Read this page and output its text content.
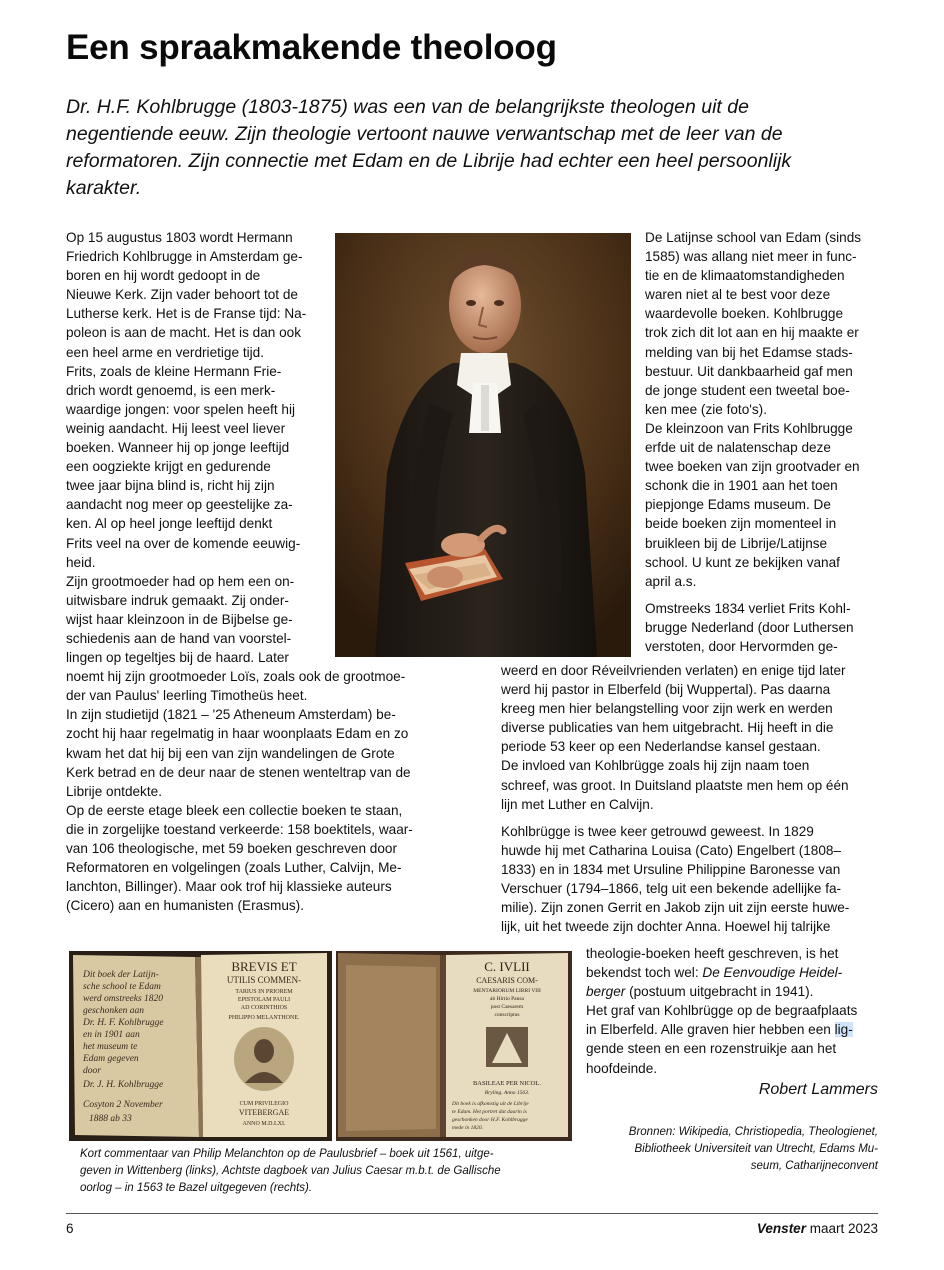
Een spraakmakende theoloog
Dr. H.F. Kohlbrugge (1803-1875) was een van de belangrijkste theologen uit de
negentiende eeuw. Zijn theologie vertoont nauwe verwantschap met de leer van de
reformatoren. Zijn connectie met Edam en de Librije had echter een heel persoonlijk
karakter.
Op 15 augustus 1803 wordt Hermann
Friedrich Kohlbrugge in Amsterdam ge-
boren en hij wordt gedoopt in de
Nieuwe Kerk. Zijn vader behoort tot de
Lutherse kerk. Het is de Franse tijd: Na-
poleon is aan de macht. Het is dan ook
een heel arme en verdrietige tijd.
Frits, zoals de kleine Hermann Frie-
drich wordt genoemd, is een merk-
waardige jongen: voor spelen heeft hij
weinig aandacht. Hij leest veel liever
boeken. Wanneer hij op jonge leeftijd
een oogziekte krijgt en gedurende
twee jaar bijna blind is, richt hij zijn
aandacht nog meer op geestelijke za-
ken. Al op heel jonge leeftijd denkt
Frits veel na over de komende eeuwig-
heid.
Zijn grootmoeder had op hem een on-
uitwisbare indruk gemaakt. Zij onder-
wijst haar kleinzoon in de Bijbelse ge-
schiedenis aan de hand van voorstel-
lingen op tegeltjes bij de haard. Later
noemt hij zijn grootmoeder Loïs, zoals ook de grootmoe-
der van Paulus' leerling Timotheüs heet.
In zijn studietijd (1821 – '25 Atheneum Amsterdam) be-
zocht hij haar regelmatig in haar woonplaats Edam en zo
kwam het dat hij bij een van zijn wandelingen de Grote
Kerk betrad en de deur naar de stenen wenteltrap van de
Librije ontdekte.
Op de eerste etage bleek een collectie boeken te staan,
die in zorgelijke toestand verkeerde: 158 boektitels, waar-
van 106 theologische, met 59 boeken geschreven door
Reformatoren en volgelingen (zoals Luther, Calvijn, Me-
lanchton, Billinger). Maar ook trof hij klassieke auteurs
(Cicero) aan en humanisten (Erasmus).
De Latijnse school van Edam (sinds
1585) was allang niet meer in func-
tie en de klimaatomstandigheden
waren niet al te best voor deze
waardevolle boeken. Kohlbrugge
trok zich dit lot aan en hij maakte er
melding van bij het Edamse stads-
bestuur. Uit dankbaarheid gaf men
de jonge student een tweetal boe-
ken mee (zie foto's).
De kleinzoon van Frits Kohlbrugge
erfde uit de nalatenschap deze
twee boeken van zijn grootvader en
schonk die in 1901 aan het toen
piepjonge Edams museum. De
beide boeken zijn momenteel in
bruikleen bij de Librije/Latijnse
school. U kunt ze bekijken vanaf
april a.s.
Omstreeks 1834 verliet Frits Kohl-
brugge Nederland (door Luthersen
verstoten, door Hervormden ge-
weerd en door Réveilvrienden verlaten) en enige tijd later
werd hij pastor in Elberfeld (bij Wuppertal). Pas daarna
kreeg men hier belangstelling voor zijn werk en werden
diverse publicaties van hem uitgebracht. Hij heeft in die
periode 53 keer op een Nederlandse kansel gestaan.
De invloed van Kohlbrügge zoals hij zijn naam toen
schreef, was groot. In Duitsland plaatste men hem op één
lijn met Luther en Calvijn.
Kohlbrügge is twee keer getrouwd geweest. In 1829
huwde hij met Catharina Louisa (Cato) Engelbert (1808–
1833) en in 1834 met Ursuline Philippine Baronesse van
Verschuer (1794–1866, telg uit een bekende adellijke fa-
milie). Zijn zonen Gerrit en Jakob zijn uit zijn eerste huwe-
lijk, uit het tweede zijn dochter Anna. Hoewel hij talrijke
theologie-boeken heeft geschreven, is het
bekendst toch wel: De Eenvoudige Heidel-
berger (postuum uitgebracht in 1941).
Het graf van Kohlbrügge op de begraafplaats
in Elberfeld. Alle graven hier hebben een lig-
gende steen en een rozenstruikje aan het
hoofdeinde.
Robert Lammers
Bronnen: Wikipedia, Christiopedia, Theologienet,
Bibliotheek Universiteit van Utrecht, Edams Mu-
seum, Catharijneconvent
Dit boek der Latijn-
sche school te Edam
werd omstreeks 1820
geschonken aan
Dr. H. F. Kohlbrugge
en in 1901 aan
het museum te
Edam gegeven
door
Dr. J. H. Kohlbrugge
Cosyton 2 November
1888 ab 33
BREVIS ET
UTILIS COMMEN-
TARIUS IN PRIOREM
EPISTOLAM PAULI
AD CORINTHIOS
PHILIPPO MELANTHONE.
CUM PRIVILEGIO
VITEBERGAE
ANNO M.D.LXI.
C. IVLII
CAESARIS COM-
MENTARIORUM LIBRI VIII
ab Hirtio Pansa
post Caesarem
conscriptus
BASILEAE PER NICOL.
Bryling. Anno 1563.
Dit boek is afkomstig uit de Librije
te Edam. Het portret dat daarin is
geschonken door H.F. Kohlbrugge
mede in 1820.
Kort commentaar van Philip Melanchton op de Paulusbrief – boek uit 1561, uitge-
geven in Wittenberg (links), Achtste dagboek van Julius Caesar m.b.t. de Gallische
oorlog – in 1563 te Bazel uitgegeven (rechts).
6	Venster maart 2023
